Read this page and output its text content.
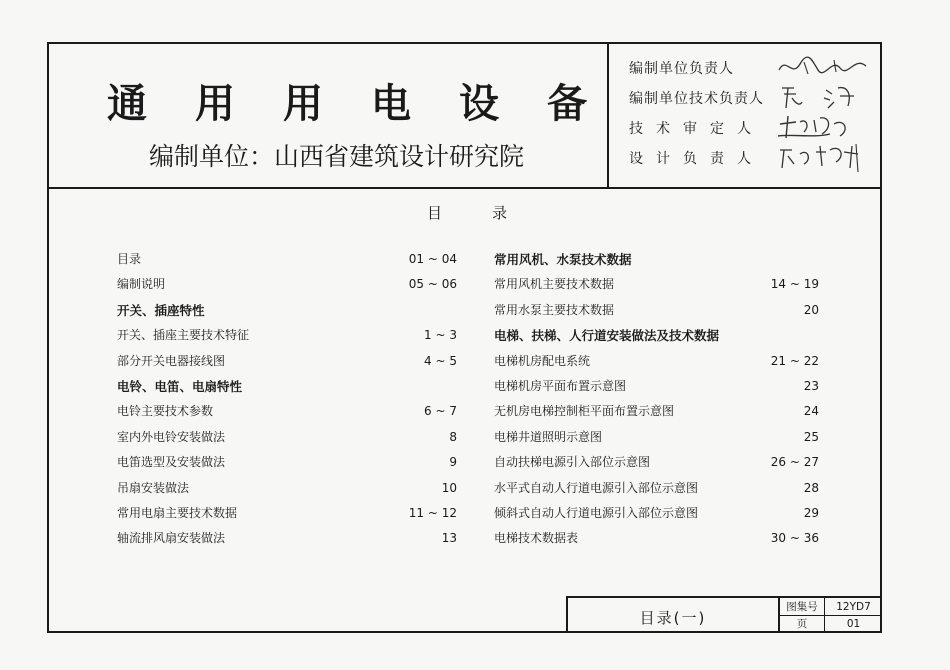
通用用电设备
编制单位：山西省建筑设计研究院
编制单位负责人
编制单位技术负责人
技术审定人
设计负责人
目录
目录	01 ~ 04
编制说明	05 ~ 06
开关、插座特性
开关、插座主要技术特征	1 ~ 3
部分开关电器接线图	4 ~ 5
电铃、电笛、电扇特性
电铃主要技术参数	6 ~ 7
室内外电铃安装做法	8
电笛选型及安装做法	9
吊扇安装做法	10
常用电扇主要技术数据	11 ~ 12
轴流排风扇安装做法	13
常用风机、水泵技术数据
常用风机主要技术数据	14 ~ 19
常用水泵主要技术数据	20
电梯、扶梯、人行道安装做法及技术数据
电梯机房配电系统	21 ~ 22
电梯机房平面布置示意图	23
无机房电梯控制柜平面布置示意图	24
电梯井道照明示意图	25
自动扶梯电源引入部位示意图	26 ~ 27
水平式自动人行道电源引入部位示意图	28
倾斜式自动人行道电源引入部位示意图	29
电梯技术数据表	30 ~ 36
目录(一)
图集号	12YD7
页	01
